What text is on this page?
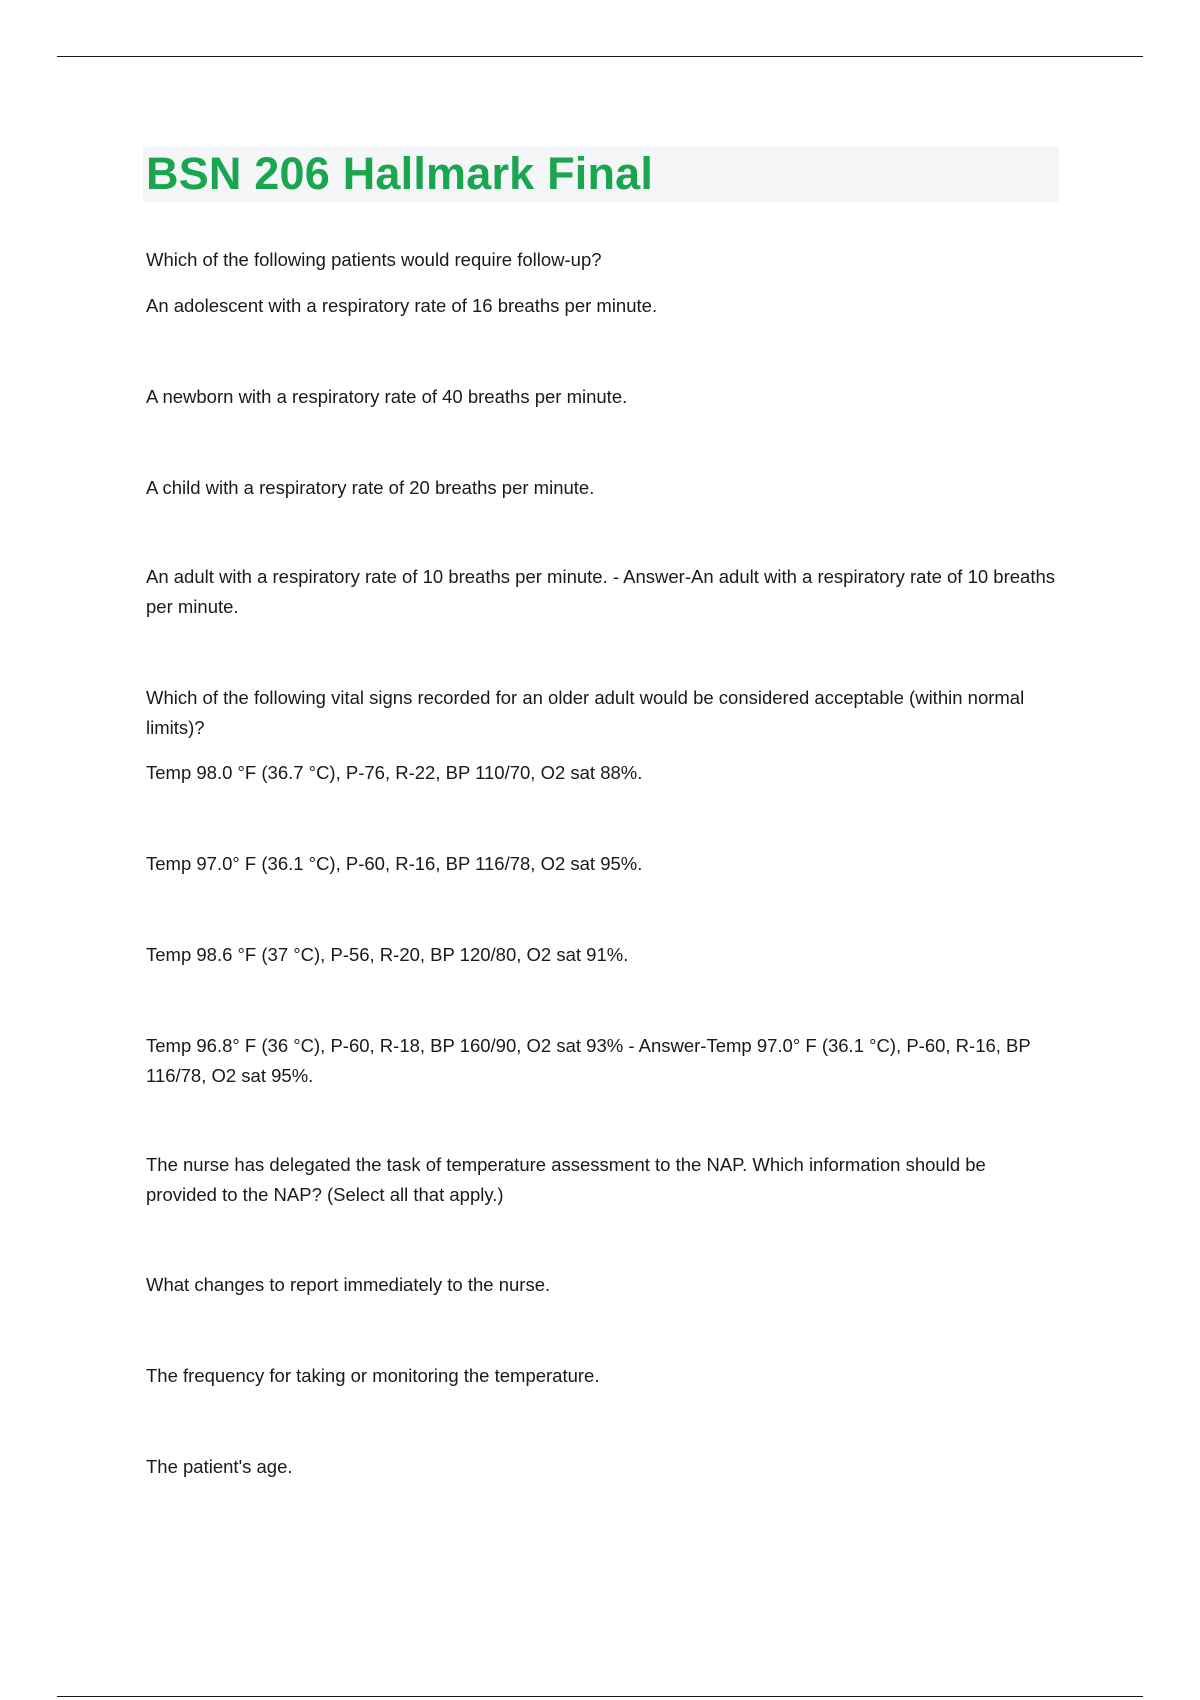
BSN 206 Hallmark Final

Which of the following patients would require follow-up?

An adolescent with a respiratory rate of 16 breaths per minute.

A newborn with a respiratory rate of 40 breaths per minute.

A child with a respiratory rate of 20 breaths per minute.

An adult with a respiratory rate of 10 breaths per minute. - Answer-An adult with a respiratory rate of 10 breaths per minute.

Which of the following vital signs recorded for an older adult would be considered acceptable (within normal limits)?

Temp 98.0 °F (36.7 °C), P-76, R-22, BP 110/70, O2 sat 88%.

Temp 97.0° F (36.1 °C), P-60, R-16, BP 116/78, O2 sat 95%.

Temp 98.6 °F (37 °C), P-56, R-20, BP 120/80, O2 sat 91%.

Temp 96.8° F (36 °C), P-60, R-18, BP 160/90, O2 sat 93% - Answer-Temp 97.0° F (36.1 °C), P-60, R-16, BP 116/78, O2 sat 95%.

The nurse has delegated the task of temperature assessment to the NAP. Which information should be provided to the NAP? (Select all that apply.)

What changes to report immediately to the nurse.

The frequency for taking or monitoring the temperature.

The patient's age.
